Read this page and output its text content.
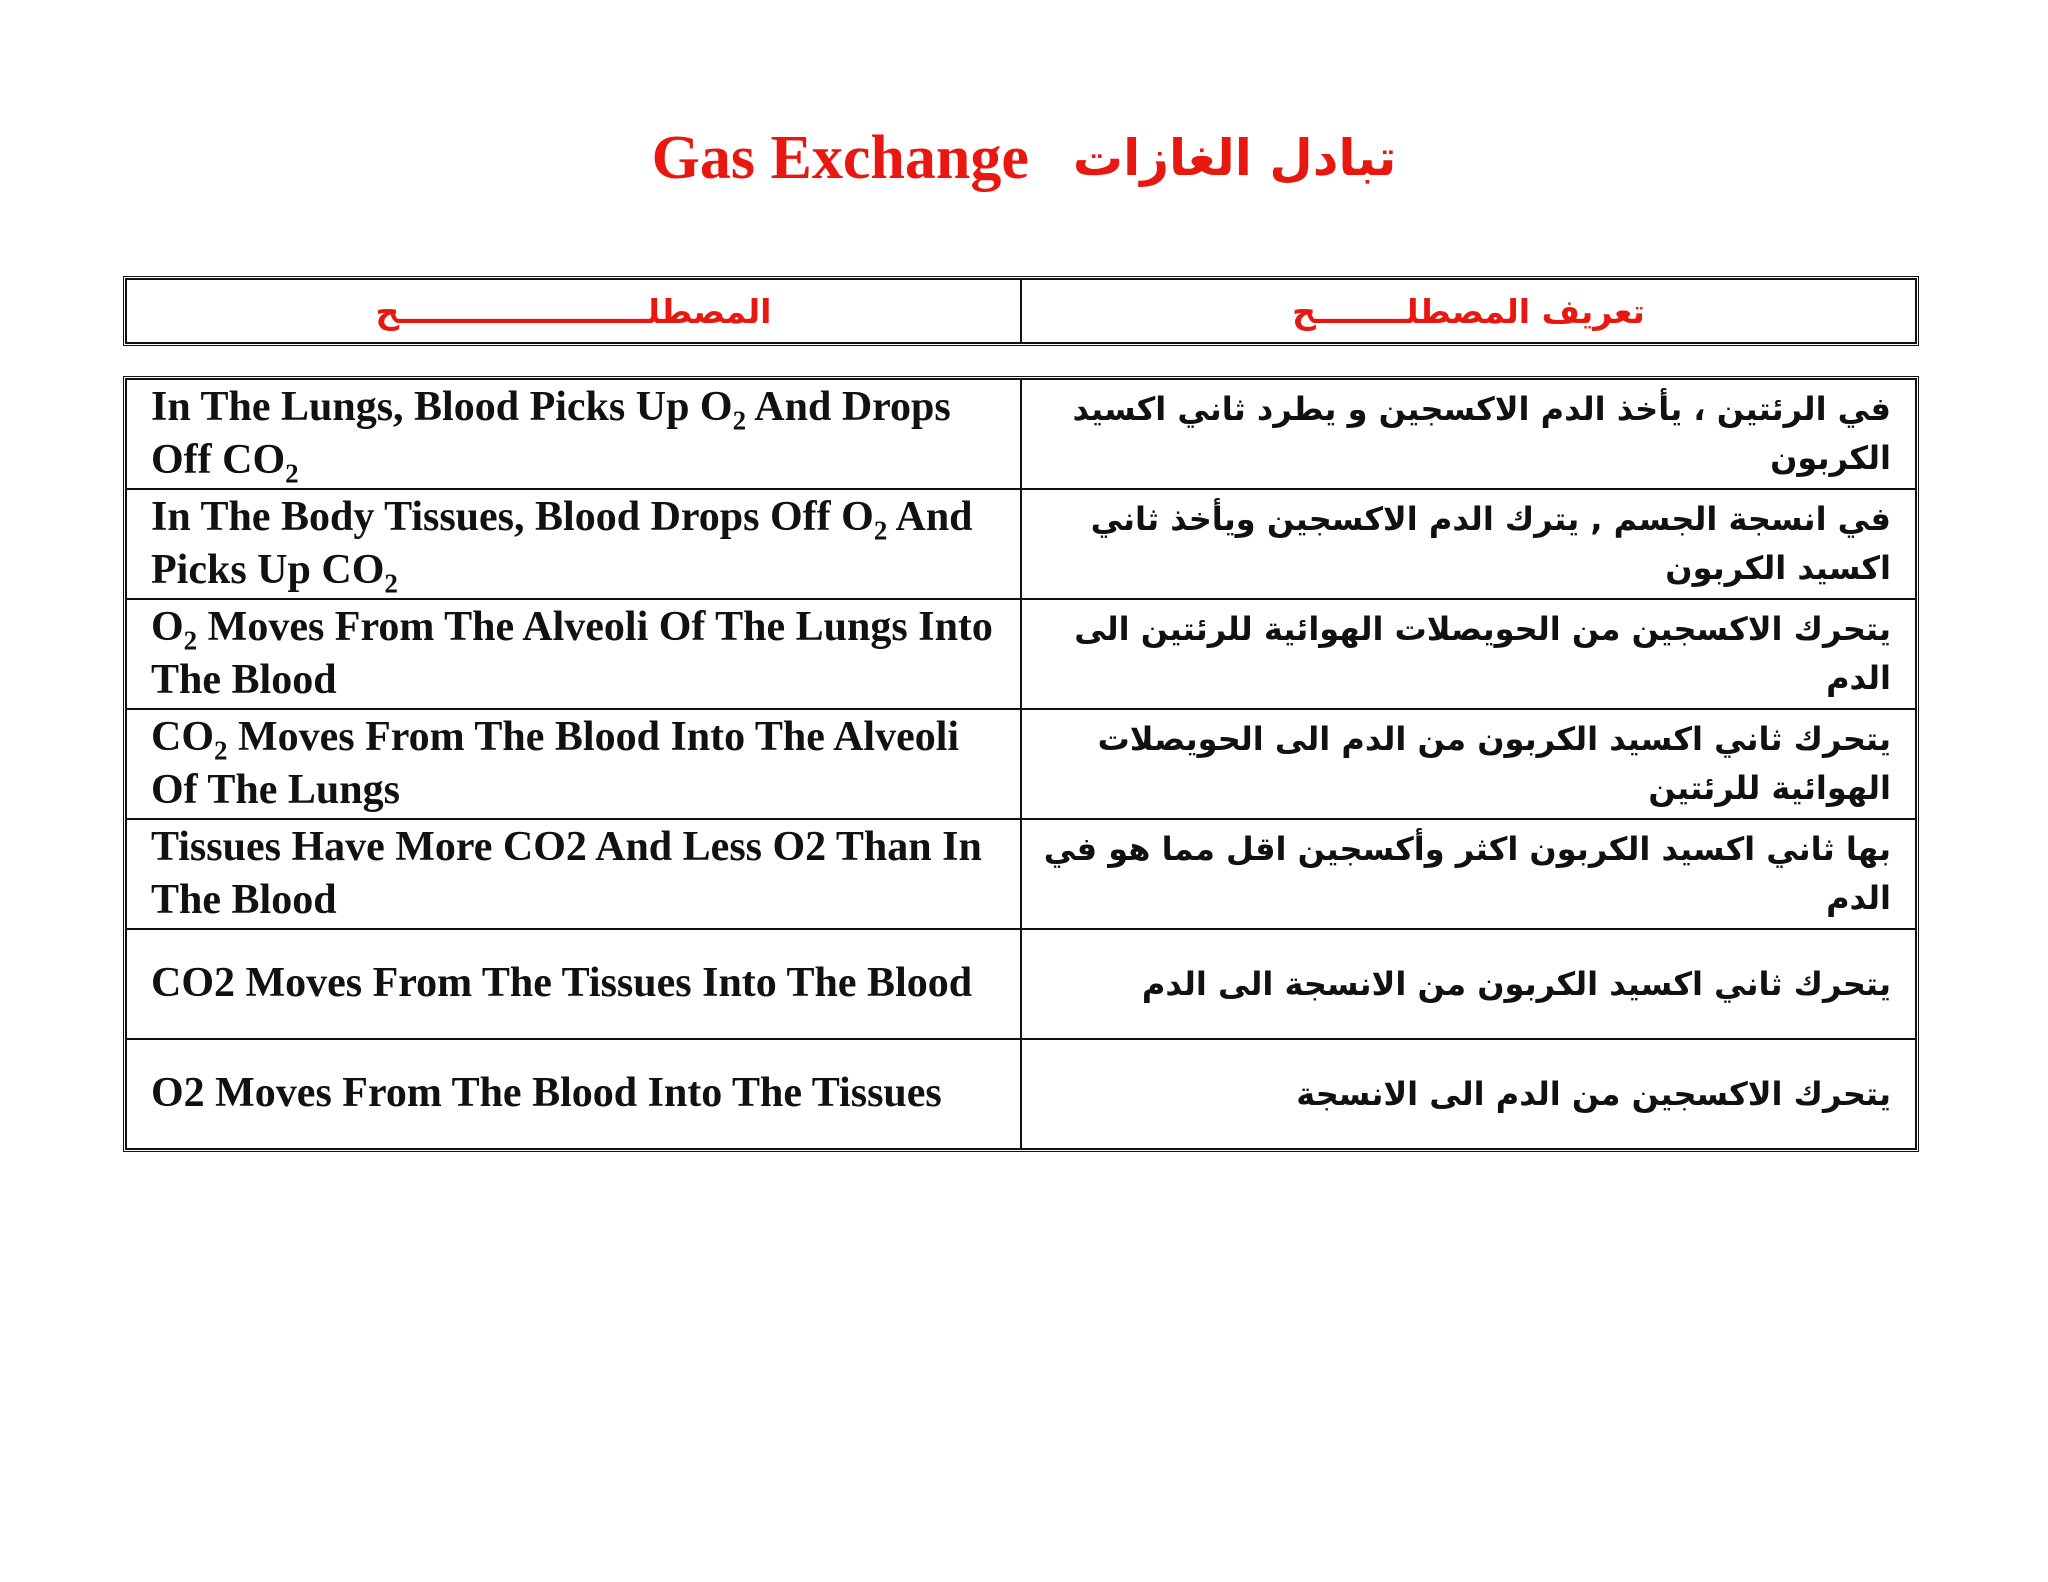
Gas Exchange تبادل الغازات
المصطلــــــــــــــــــــــح	تعريف المصطلــــــــح
In The Lungs, Blood Picks Up $O_2$ And Drops Off $CO_2$	في الرئتين ، يأخذ الدم الاكسجين و يطرد ثاني اكسيد الكربون
In The Body Tissues, Blood Drops Off $O_2$ And Picks Up $CO_2$	في انسجة الجسم , يترك الدم الاكسجين ويأخذ ثاني اكسيد الكربون
$O_2$ Moves From The Alveoli Of The Lungs Into The Blood	يتحرك الاكسجين من الحويصلات الهوائية للرئتين الى الدم
$CO_2$ Moves From The Blood Into The Alveoli Of The Lungs	يتحرك ثاني اكسيد الكربون من الدم الى الحويصلات الهوائية للرئتين
Tissues Have More CO2 And Less O2 Than In The Blood	بها ثاني اكسيد الكربون اكثر وأكسجين اقل مما هو في الدم
CO2 Moves From The Tissues Into The Blood	يتحرك ثاني اكسيد الكربون من الانسجة الى الدم
O2 Moves From The Blood Into The Tissues	يتحرك الاكسجين من الدم الى الانسجة
